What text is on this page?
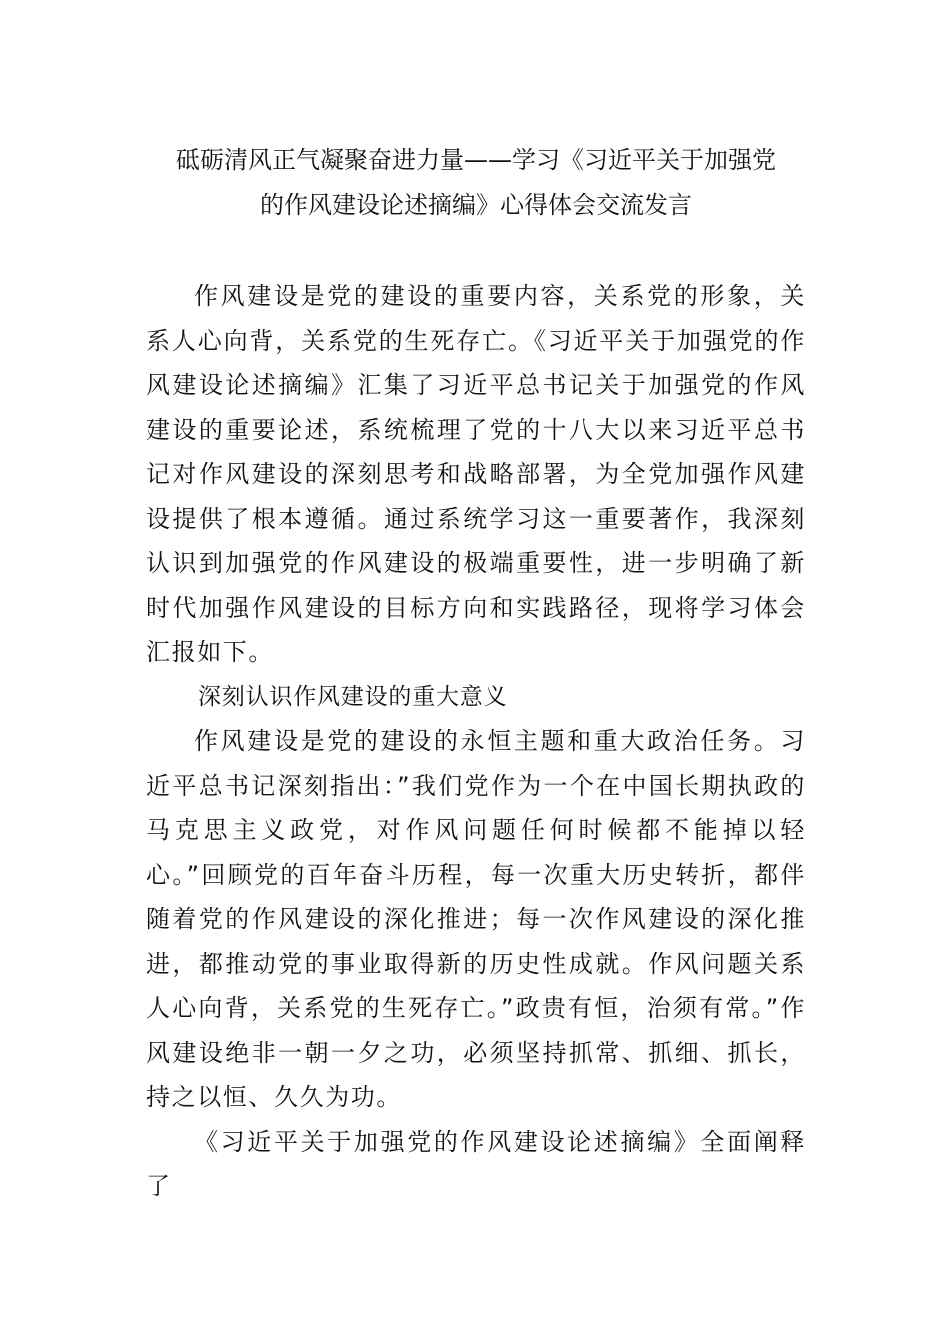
砥砺清风正气凝聚奋进力量——学习《习近平关于加强党
的作风建设论述摘编》心得体会交流发言

作风建设是党的建设的重要内容，关系党的形象，关系人心向背，关系党的生死存亡。《习近平关于加强党的作风建设论述摘编》汇集了习近平总书记关于加强党的作风建设的重要论述，系统梳理了党的十八大以来习近平总书记对作风建设的深刻思考和战略部署，为全党加强作风建设提供了根本遵循。通过系统学习这一重要著作，我深刻认识到加强党的作风建设的极端重要性，进一步明确了新时代加强作风建设的目标方向和实践路径，现将学习体会汇报如下。

深刻认识作风建设的重大意义

作风建设是党的建设的永恒主题和重大政治任务。习近平总书记深刻指出：”我们党作为一个在中国长期执政的马克思主义政党，对作风问题任何时候都不能掉以轻心。”回顾党的百年奋斗历程，每一次重大历史转折，都伴随着党的作风建设的深化推进；每一次作风建设的深化推进，都推动党的事业取得新的历史性成就。作风问题关系人心向背，关系党的生死存亡。”政贵有恒，治须有常。”作风建设绝非一朝一夕之功，必须坚持抓常、抓细、抓长，持之以恒、久久为功。

《习近平关于加强党的作风建设论述摘编》全面阐释了
